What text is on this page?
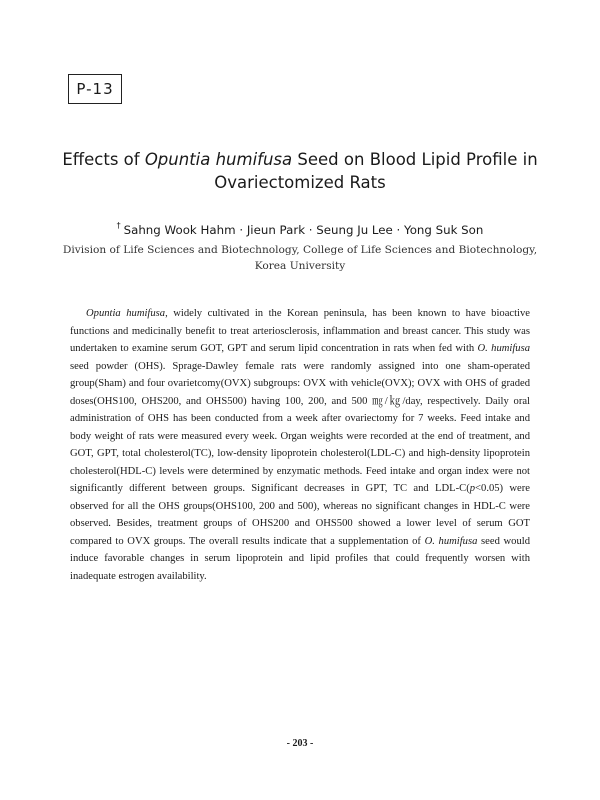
P-13
Effects of Opuntia humifusa Seed on Blood Lipid Profile in
Ovariectomized Rats
† Sahng Wook Hahm · Jieun Park · Seung Ju Lee · Yong Suk Son
Division of Life Sciences and Biotechnology, College of Life Sciences and Biotechnology,
Korea University
Opuntia humifusa, widely cultivated in the Korean peninsula, has been known to have bioactive functions and medicinally benefit to treat arteriosclerosis, inflammation and breast cancer. This study was undertaken to examine serum GOT, GPT and serum lipid concentration in rats when fed with O. humifusa seed powder (OHS). Sprage-Dawley female rats were randomly assigned into one sham-operated group(Sham) and four ovarietcomy(OVX) subgroups: OVX with vehicle(OVX); OVX with OHS of graded doses(OHS100, OHS200, and OHS500) having 100, 200, and 500 ㎎/㎏/day, respectively. Daily oral administration of OHS has been conducted from a week after ovariectomy for 7 weeks. Feed intake and body weight of rats were measured every week. Organ weights were recorded at the end of treatment, and GOT, GPT, total cholesterol(TC), low-density lipoprotein cholesterol(LDL-C) and high-density lipoprotein cholesterol(HDL-C) levels were determined by enzymatic methods. Feed intake and organ index were not significantly different between groups. Significant decreases in GPT, TC and LDL-C(p<0.05) were observed for all the OHS groups(OHS100, 200 and 500), whereas no significant changes in HDL-C were observed. Besides, treatment groups of OHS200 and OHS500 showed a lower level of serum GOT compared to OVX groups. The overall results indicate that a supplementation of O. humifusa seed would induce favorable changes in serum lipoprotein and lipid profiles that could frequently worsen with inadequate estrogen availability.
- 203 -
